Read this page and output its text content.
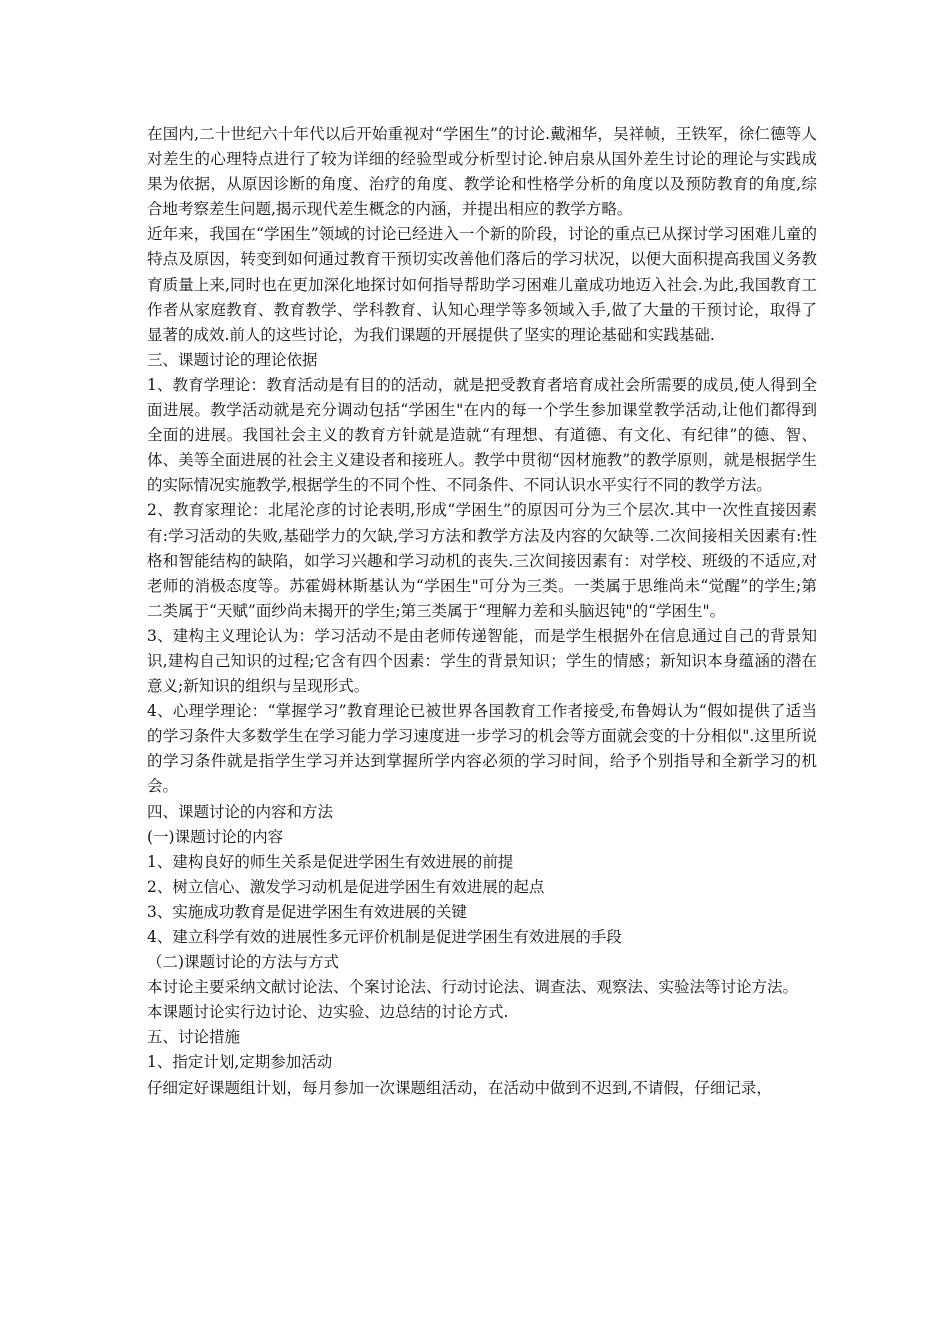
在国内,二十世纪六十年代以后开始重视对“学困生”的讨论.戴湘华，吴祥帧，王铁军，徐仁德等人对差生的心理特点进行了较为详细的经验型或分析型讨论.钟启泉从国外差生讨论的理论与实践成果为依据，从原因诊断的角度、治疗的角度、教学论和性格学分析的角度以及预防教育的角度,综合地考察差生问题,揭示现代差生概念的内涵，并提出相应的教学方略。

近年来，我国在“学困生”领域的讨论已经进入一个新的阶段，讨论的重点已从探讨学习困难儿童的特点及原因，转变到如何通过教育干预切实改善他们落后的学习状况，以便大面积提高我国义务教育质量上来,同时也在更加深化地探讨如何指导帮助学习困难儿童成功地迈入社会.为此,我国教育工作者从家庭教育、教育教学、学科教育、认知心理学等多领域入手,做了大量的干预讨论，取得了显著的成效.前人的这些讨论，为我们课题的开展提供了坚实的理论基础和实践基础.

三、课题讨论的理论依据

1、教育学理论：教育活动是有目的的活动，就是把受教育者培育成社会所需要的成员,使人得到全面进展。教学活动就是充分调动包括“学困生"在内的每一个学生参加课堂教学活动,让他们都得到全面的进展。我国社会主义的教育方针就是造就“有理想、有道德、有文化、有纪律”的德、智、体、美等全面进展的社会主义建设者和接班人。教学中贯彻“因材施教”的教学原则，就是根据学生的实际情况实施教学,根据学生的不同个性、不同条件、不同认识水平实行不同的教学方法。

2、教育家理论：北尾沦彦的讨论表明,形成“学困生”的原因可分为三个层次.其中一次性直接因素有:学习活动的失败,基础学力的欠缺,学习方法和教学方法及内容的欠缺等.二次间接相关因素有:性格和智能结构的缺陷，如学习兴趣和学习动机的丧失.三次间接因素有：对学校、班级的不适应,对老师的消极态度等。苏霍姆林斯基认为“学困生"可分为三类。一类属于思维尚未“觉醒”的学生;第二类属于“天赋”面纱尚未揭开的学生;第三类属于“理解力差和头脑迟钝"的“学困生"。

3、建构主义理论认为：学习活动不是由老师传递智能，而是学生根据外在信息通过自己的背景知识,建构自己知识的过程;它含有四个因素：学生的背景知识；学生的情感；新知识本身蕴涵的潜在意义;新知识的组织与呈现形式。

4、心理学理论：“掌握学习”教育理论已被世界各国教育工作者接受,布鲁姆认为“假如提供了适当的学习条件大多数学生在学习能力学习速度进一步学习的机会等方面就会变的十分相似".这里所说的学习条件就是指学生学习并达到掌握所学内容必须的学习时间，给予个别指导和全新学习的机会。

四、课题讨论的内容和方法

(一)课题讨论的内容

1、建构良好的师生关系是促进学困生有效进展的前提

2、树立信心、激发学习动机是促进学困生有效进展的起点

3、实施成功教育是促进学困生有效进展的关键

4、建立科学有效的进展性多元评价机制是促进学困生有效进展的手段

（二)课题讨论的方法与方式

本讨论主要采纳文献讨论法、个案讨论法、行动讨论法、调查法、观察法、实验法等讨论方法。

本课题讨论实行边讨论、边实验、边总结的讨论方式.

五、讨论措施

1、指定计划,定期参加活动

仔细定好课题组计划，每月参加一次课题组活动，在活动中做到不迟到,不请假，仔细记录，
